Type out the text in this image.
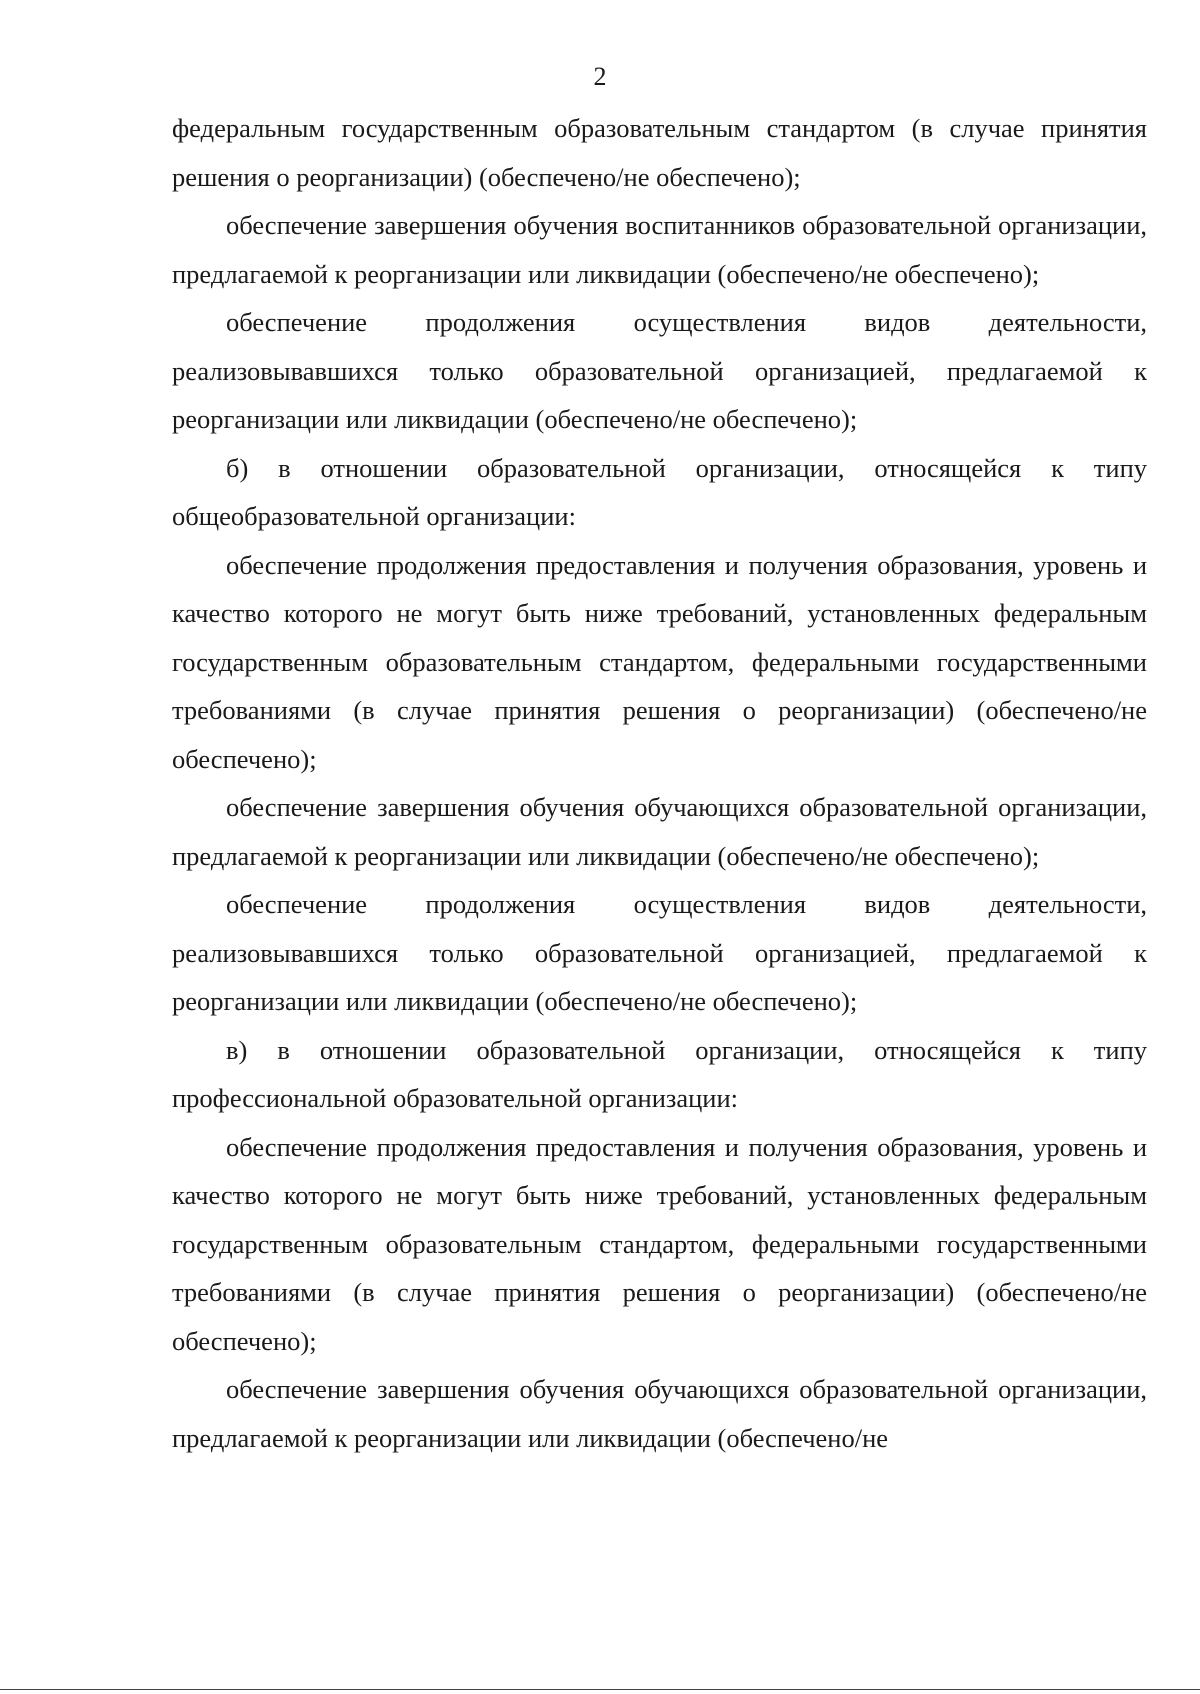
2

федеральным государственным образовательным стандартом (в случае принятия решения о реорганизации) (обеспечено/не обеспечено);

обеспечение завершения обучения воспитанников образовательной организации, предлагаемой к реорганизации или ликвидации (обеспечено/не обеспечено);

обеспечение продолжения осуществления видов деятельности, реализовывавшихся только образовательной организацией, предлагаемой к реорганизации или ликвидации (обеспечено/не обеспечено);

б) в отношении образовательной организации, относящейся к типу общеобразовательной организации:

обеспечение продолжения предоставления и получения образования, уровень и качество которого не могут быть ниже требований, установленных федеральным государственным образовательным стандартом, федеральными государственными требованиями (в случае принятия решения о реорганизации) (обеспечено/не обеспечено);

обеспечение завершения обучения обучающихся образовательной организации, предлагаемой к реорганизации или ликвидации (обеспечено/не обеспечено);

обеспечение продолжения осуществления видов деятельности, реализовывавшихся только образовательной организацией, предлагаемой к реорганизации или ликвидации (обеспечено/не обеспечено);

в) в отношении образовательной организации, относящейся к типу профессиональной образовательной организации:

обеспечение продолжения предоставления и получения образования, уровень и качество которого не могут быть ниже требований, установленных федеральным государственным образовательным стандартом, федеральными государственными требованиями (в случае принятия решения о реорганизации) (обеспечено/не обеспечено);

обеспечение завершения обучения обучающихся образовательной организации, предлагаемой к реорганизации или ликвидации (обеспечено/не
